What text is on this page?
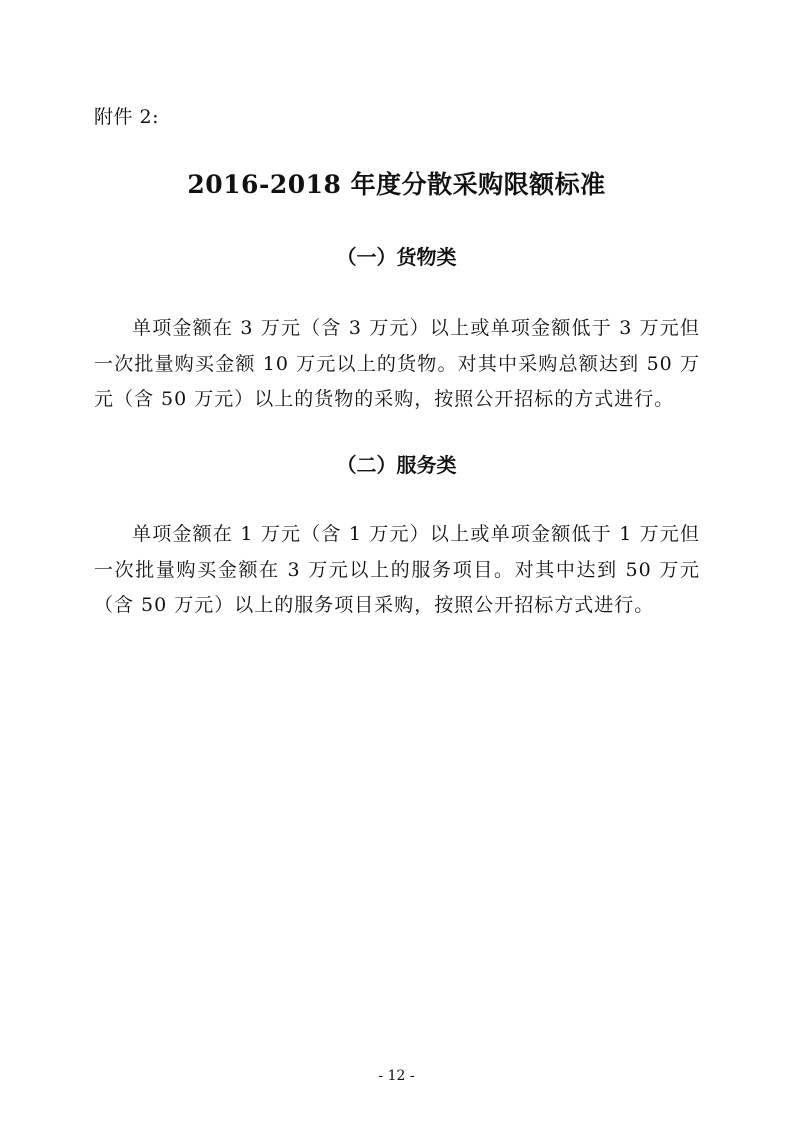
附件 2:
2016-2018 年度分散采购限额标准
（一）货物类

单项金额在 3 万元（含 3 万元）以上或单项金额低于 3 万元但一次批量购买金额 10 万元以上的货物。对其中采购总额达到 50 万元（含 50 万元）以上的货物的采购，按照公开招标的方式进行。

（二）服务类

单项金额在 1 万元（含 1 万元）以上或单项金额低于 1 万元但一次批量购买金额在 3 万元以上的服务项目。对其中达到 50 万元（含 50 万元）以上的服务项目采购，按照公开招标方式进行。

- 12 -
